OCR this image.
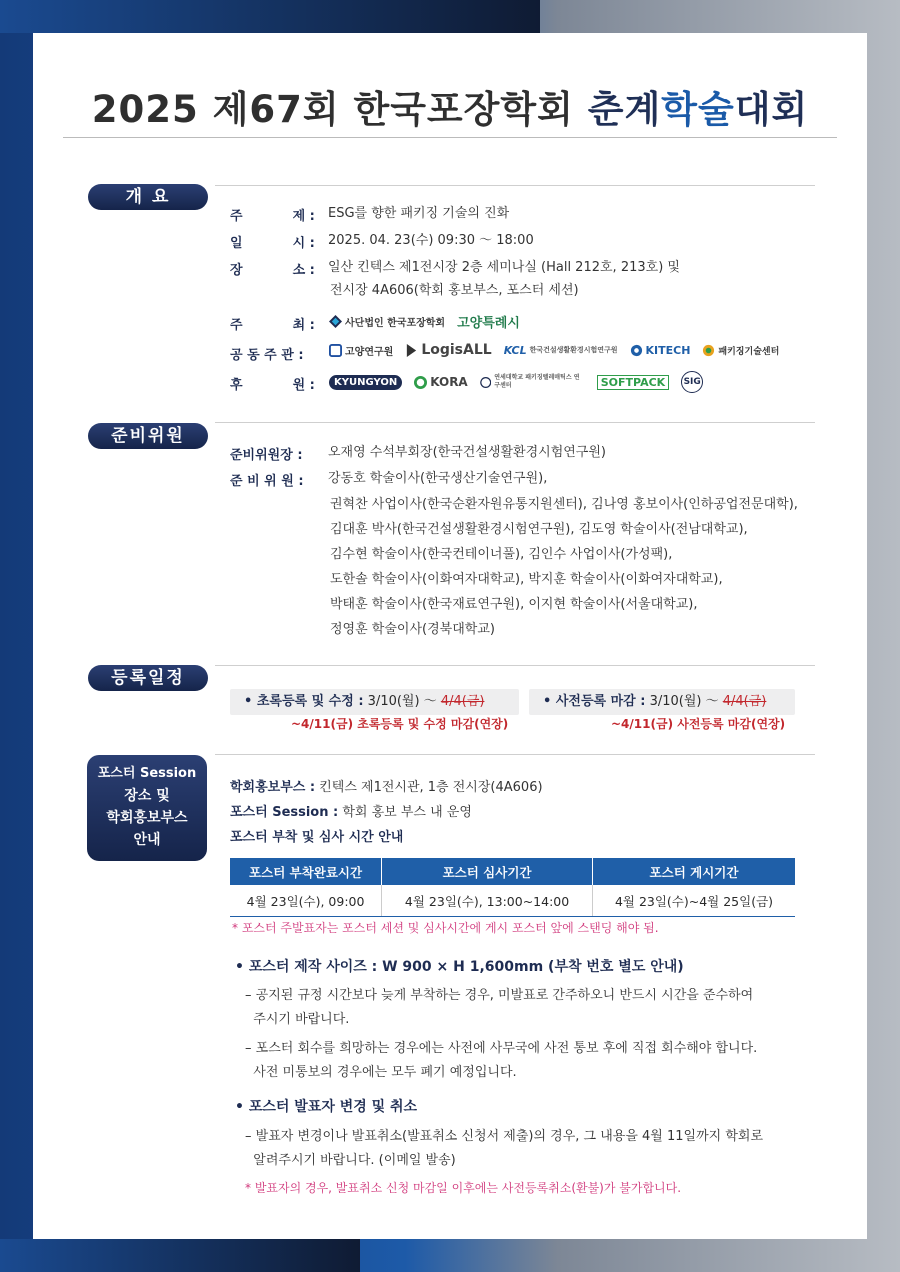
2025 제67회 한국포장학회 춘계학술대회
개 요
주	제 : ESG를 향한 패키징 기술의 진화
일	시 : 2025. 04. 23(수) 09:30 ～ 18:00
장	소 : 일산 킨텍스 제1전시장 2층 세미나실 (Hall 212호, 213호) 및
전시장 4A606(학회 홍보부스, 포스터 세션)
주	최 :	사단법인 한국포장학회 고양특례시
공 동 주 관 :	고양연구원 LogisALL KCL 한국건설생활환경시험연구원	KITECH	패키징기술센터
후	원 :	KYUNGYON	KORA	연세대학교 패키징텔레매틱스 연구센터	SOFTPACK	SIG
준비위원
준비위원장 : 오재영 수석부회장(한국건설생활환경시험연구원)
준 비 위 원 : 강동호 학술이사(한국생산기술연구원),
권혁찬 사업이사(한국순환자원유통지원센터), 김나영 홍보이사(인하공업전문대학),
김대훈 박사(한국건설생활환경시험연구원), 김도영 학술이사(전남대학교),
김수현 학술이사(한국컨테이너풀), 김인수 사업이사(가성팩),
도한솔 학술이사(이화여자대학교), 박지훈 학술이사(이화여자대학교),
박태훈 학술이사(한국재료연구원), 이지현 학술이사(서울대학교),
정영훈 학술이사(경북대학교)
등록일정
• 초록등록 및 수정 : 3/10(월) ～ 4/4(금)
~4/11(금) 초록등록 및 수정 마감(연장)
• 사전등록 마감 : 3/10(월) ～ 4/4(금)
~4/11(금) 사전등록 마감(연장)
포스터 Session
장소 및
학회홍보부스
안내
학회홍보부스 : 킨텍스 제1전시관, 1층 전시장(4A606)
포스터 Session : 학회 홍보 부스 내 운영
포스터 부착 및 심사 시간 안내
포스터 부착완료시간	포스터 심사기간	포스터 게시기간
4월 23일(수), 09:00	4월 23일(수), 13:00~14:00	4월 23일(수)~4월 25일(금)
* 포스터 주발표자는 포스터 세션 및 심사시간에 게시 포스터 앞에 스탠딩 해야 됨.
• 포스터 제작 사이즈 : W 900 × H 1,600mm (부착 번호 별도 안내)
– 공지된 규정 시간보다 늦게 부착하는 경우, 미발표로 간주하오니 반드시 시간을 준수하여
주시기 바랍니다.
– 포스터 회수를 희망하는 경우에는 사전에 사무국에 사전 통보 후에 직접 회수해야 합니다.
사전 미통보의 경우에는 모두 폐기 예정입니다.
• 포스터 발표자 변경 및 취소
– 발표자 변경이나 발표취소(발표취소 신청서 제출)의 경우, 그 내용을 4월 11일까지 학회로
알려주시기 바랍니다. (이메일 발송)
* 발표자의 경우, 발표취소 신청 마감일 이후에는 사전등록취소(환불)가 불가합니다.
